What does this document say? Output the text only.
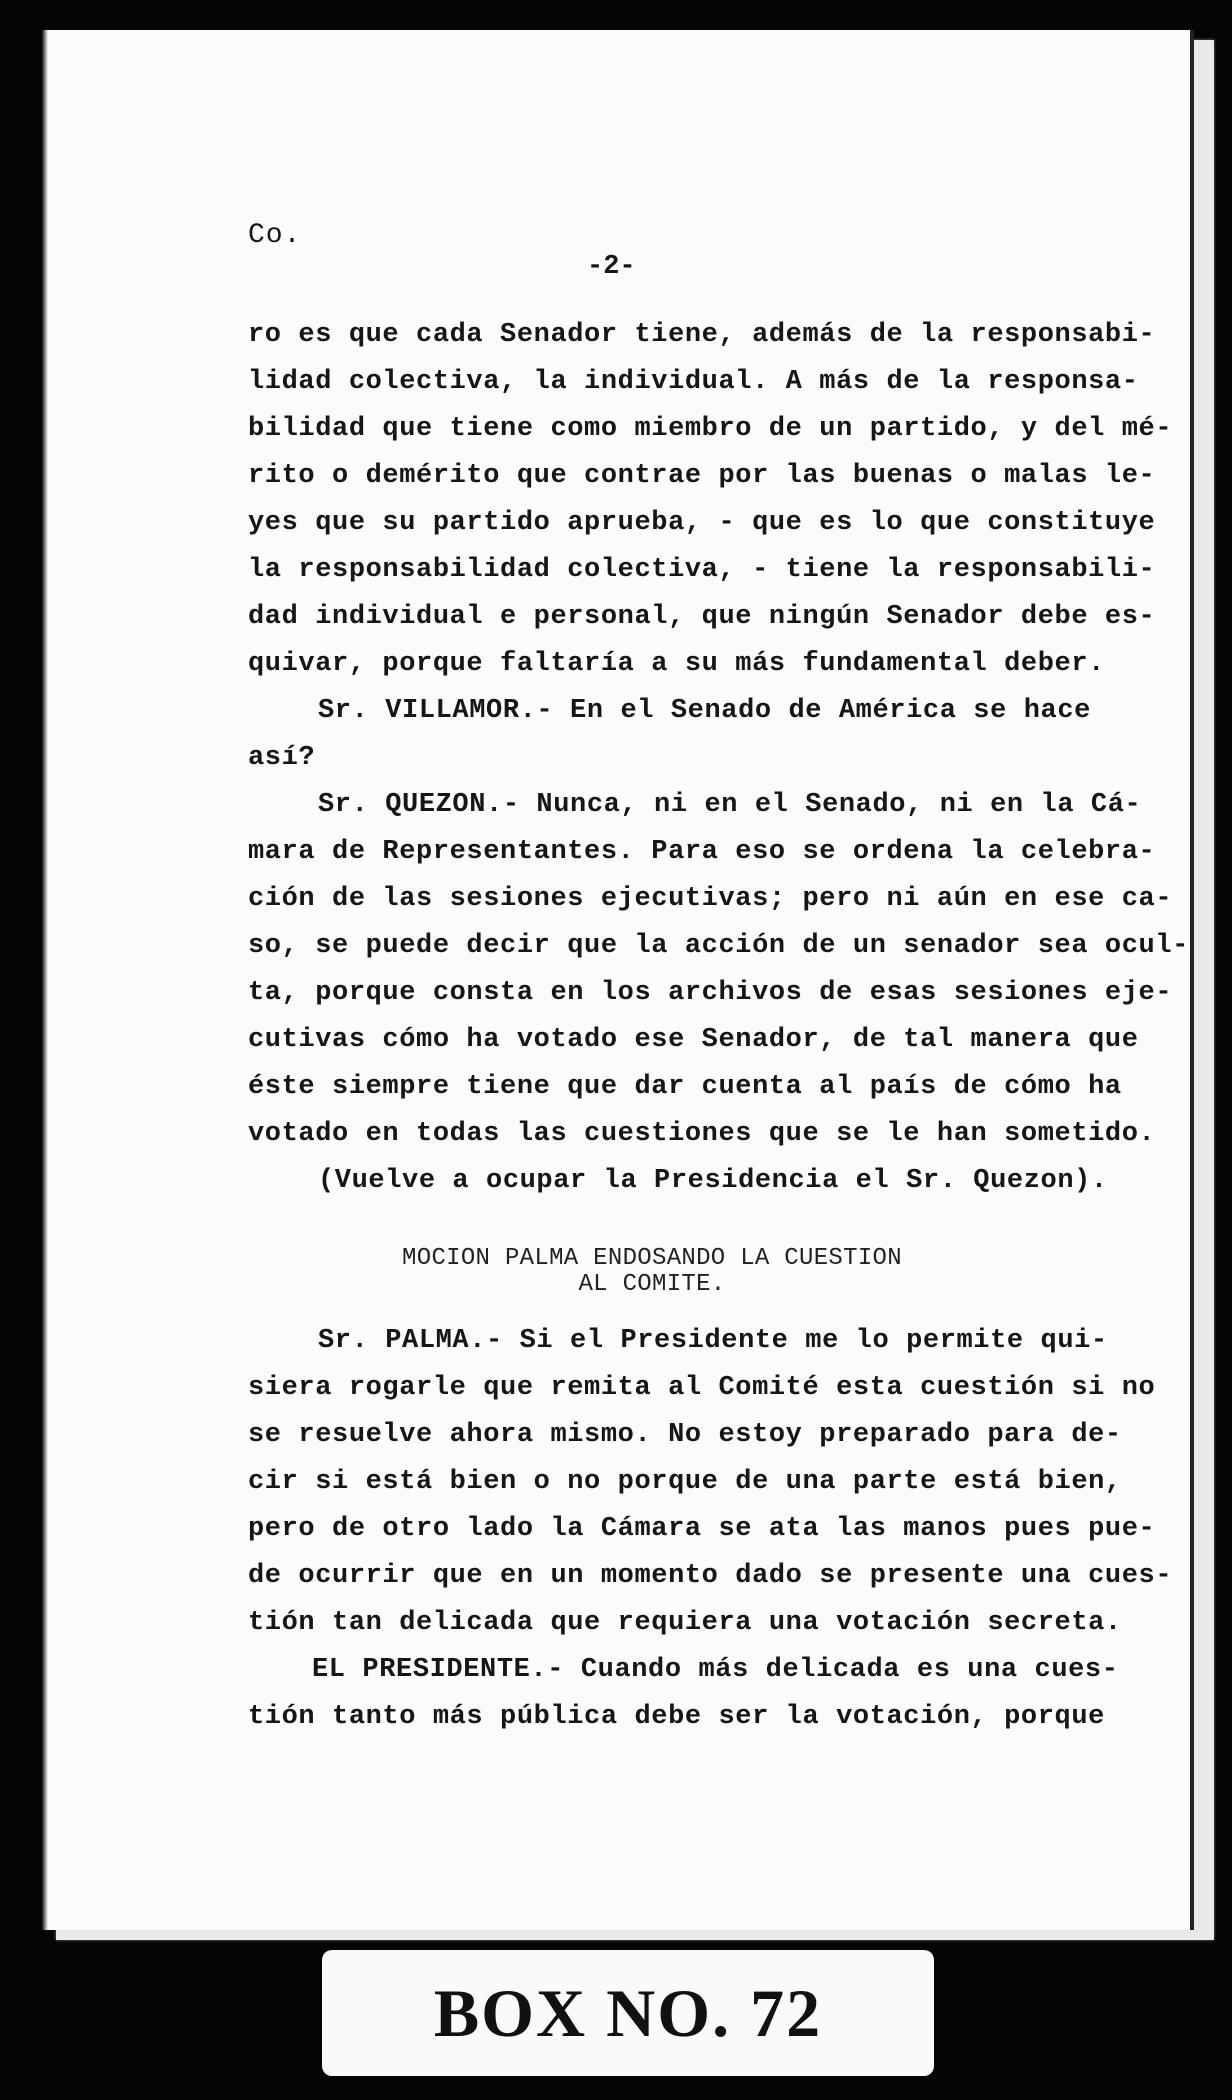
Co.
-2-
ro es que cada Senador tiene, además de la responsabi-
lidad colectiva, la individual. A más de la responsa-
bilidad que tiene como miembro de un partido, y del mé-
rito o demérito que contrae por las buenas o malas le-
yes que su partido aprueba, - que es lo que constituye
la responsabilidad colectiva, - tiene la responsabili-
dad individual e personal, que ningún Senador debe es-
quivar, porque faltaría a su más fundamental deber.
Sr. VILLAMOR.- En el Senado de América se hace
así?
Sr. QUEZON.- Nunca, ni en el Senado, ni en la Cá-
mara de Representantes. Para eso se ordena la celebra-
ción de las sesiones ejecutivas; pero ni aún en ese ca-
so, se puede decir que la acción de un senador sea ocul-
ta, porque consta en los archivos de esas sesiones eje-
cutivas cómo ha votado ese Senador, de tal manera que
éste siempre tiene que dar cuenta al país de cómo ha
votado en todas las cuestiones que se le han sometido.
(Vuelve a ocupar la Presidencia el Sr. Quezon).
MOCION PALMA ENDOSANDO LA CUESTION
AL COMITE.
Sr. PALMA.- Si el Presidente me lo permite qui-
siera rogarle que remita al Comité esta cuestión si no
se resuelve ahora mismo. No estoy preparado para de-
cir si está bien o no porque de una parte está bien,
pero de otro lado la Cámara se ata las manos pues pue-
de ocurrir que en un momento dado se presente una cues-
tión tan delicada que requiera una votación secreta.
EL PRESIDENTE.- Cuando más delicada es una cues-
tión tanto más pública debe ser la votación, porque
BOX NO. 72
